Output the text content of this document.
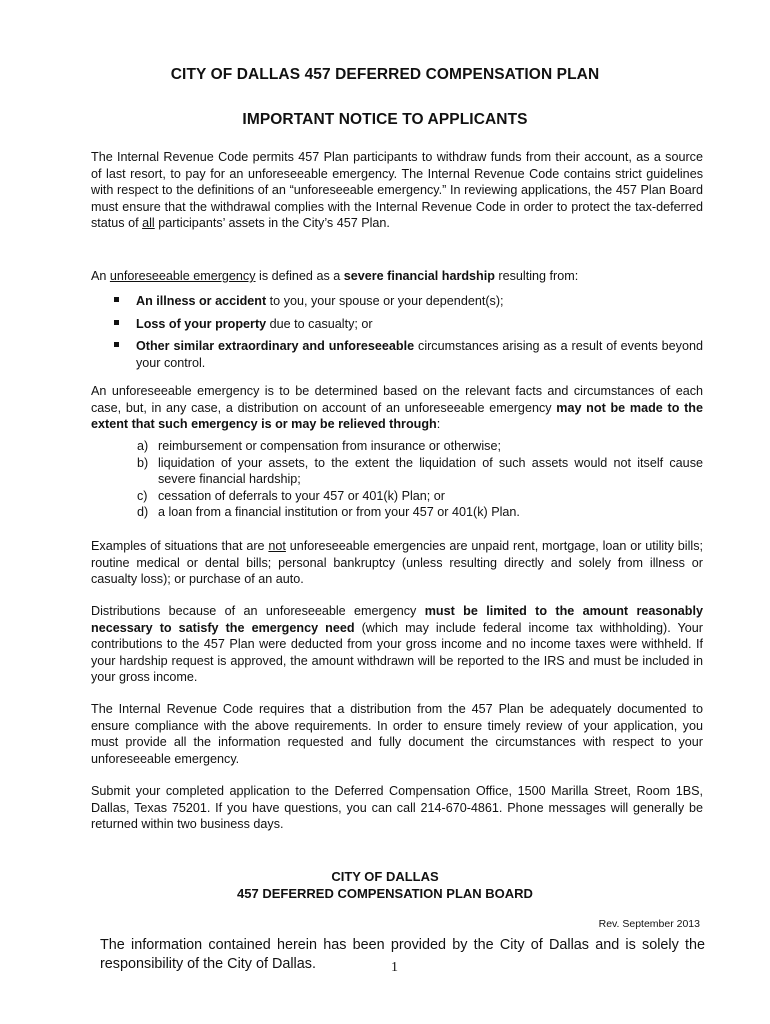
CITY OF DALLAS 457 DEFERRED COMPENSATION PLAN
IMPORTANT NOTICE TO APPLICANTS
The Internal Revenue Code permits 457 Plan participants to withdraw funds from their account, as a source of last resort, to pay for an unforeseeable emergency. The Internal Revenue Code contains strict guidelines with respect to the definitions of an “unforeseeable emergency.” In reviewing applications, the 457 Plan Board must ensure that the withdrawal complies with the Internal Revenue Code in order to protect the tax-deferred status of all participants’ assets in the City’s 457 Plan.
An unforeseeable emergency is defined as a severe financial hardship resulting from:
An illness or accident to you, your spouse or your dependent(s);
Loss of your property due to casualty; or
Other similar extraordinary and unforeseeable circumstances arising as a result of events beyond your control.
An unforeseeable emergency is to be determined based on the relevant facts and circumstances of each case, but, in any case, a distribution on account of an unforeseeable emergency may not be made to the extent that such emergency is or may be relieved through:
a) reimbursement or compensation from insurance or otherwise;
b) liquidation of your assets, to the extent the liquidation of such assets would not itself cause severe financial hardship;
c) cessation of deferrals to your 457 or 401(k) Plan; or
d) a loan from a financial institution or from your 457 or 401(k) Plan.
Examples of situations that are not unforeseeable emergencies are unpaid rent, mortgage, loan or utility bills; routine medical or dental bills; personal bankruptcy (unless resulting directly and solely from illness or casualty loss); or purchase of an auto.
Distributions because of an unforeseeable emergency must be limited to the amount reasonably necessary to satisfy the emergency need (which may include federal income tax withholding). Your contributions to the 457 Plan were deducted from your gross income and no income taxes were withheld. If your hardship request is approved, the amount withdrawn will be reported to the IRS and must be included in your gross income.
The Internal Revenue Code requires that a distribution from the 457 Plan be adequately documented to ensure compliance with the above requirements. In order to ensure timely review of your application, you must provide all the information requested and fully document the circumstances with respect to your unforeseeable emergency.
Submit your completed application to the Deferred Compensation Office, 1500 Marilla Street, Room 1BS, Dallas, Texas 75201. If you have questions, you can call 214-670-4861. Phone messages will generally be returned within two business days.
CITY OF DALLAS
457 DEFERRED COMPENSATION PLAN BOARD
Rev. September 2013
The information contained herein has been provided by the City of Dallas and is solely the responsibility of the City of Dallas.	1
